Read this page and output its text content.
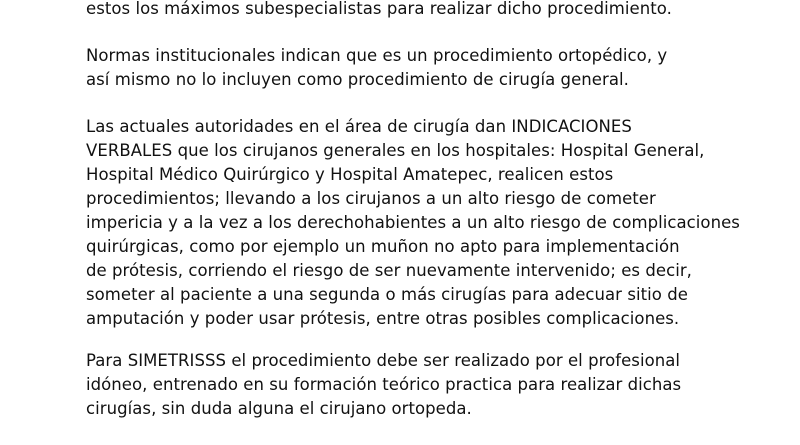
estos los máximos subespecialistas para realizar dicho procedimiento.
Normas institucionales indican que es un procedimiento ortopédico, y
así mismo no lo incluyen como procedimiento de cirugía general.
Las actuales autoridades en el área de cirugía dan INDICACIONES
VERBALES que los cirujanos generales en los hospitales: Hospital General,
Hospital Médico Quirúrgico y Hospital Amatepec, realicen estos
procedimientos; llevando a los cirujanos a un alto riesgo de cometer
impericia y a la vez a los derechohabientes a un alto riesgo de complicaciones
quirúrgicas, como por ejemplo un muñon no apto para implementación
de prótesis, corriendo el riesgo de ser nuevamente intervenido; es decir,
someter al paciente a una segunda o más cirugías para adecuar sitio de
amputación y poder usar prótesis, entre otras posibles complicaciones.
Para SIMETRISSS el procedimiento debe ser realizado por el profesional
idóneo, entrenado en su formación teórico practica para realizar dichas
cirugías, sin duda alguna el cirujano ortopeda.
